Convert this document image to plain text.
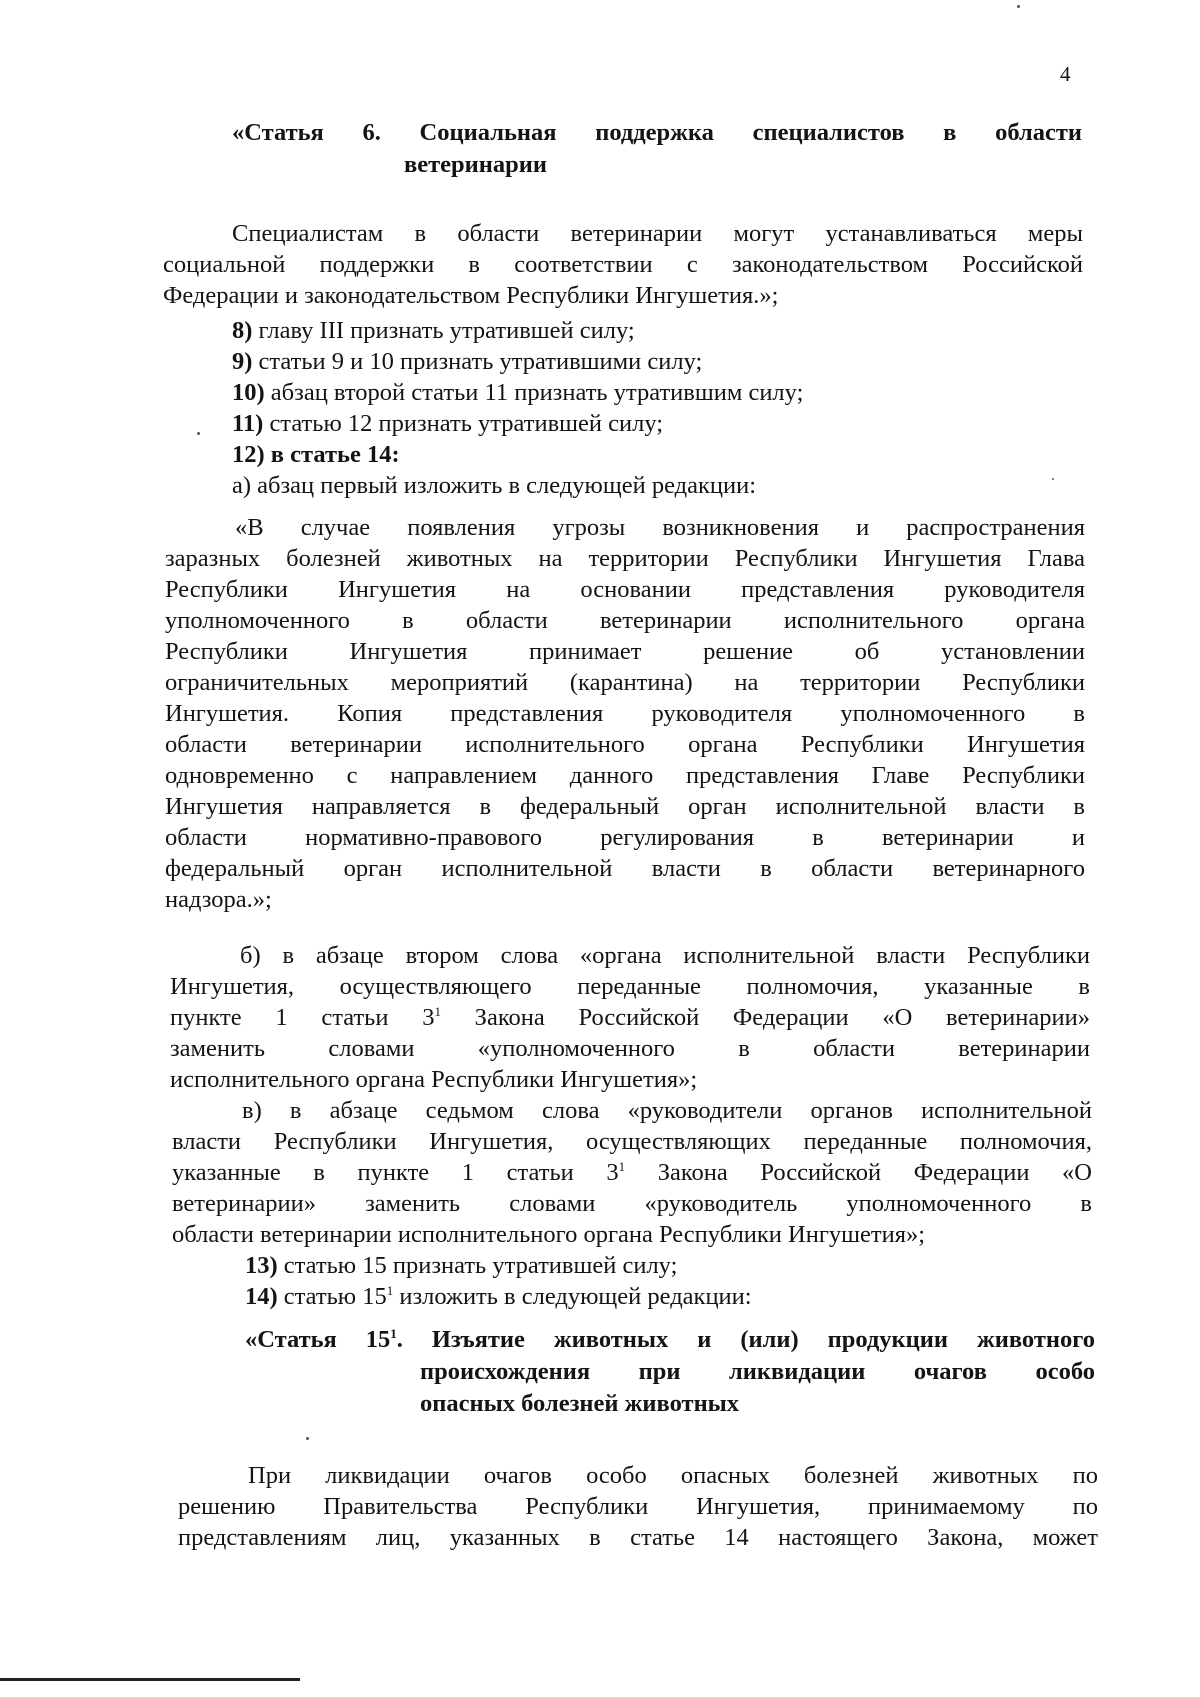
4
«Статья 6. Социальная поддержка специалистов в области
ветеринарии
Специалистам в области ветеринарии могут устанавливаться меры
социальной поддержки в соответствии с законодательством Российской
Федерации и законодательством Республики Ингушетия.»;
8) главу III признать утратившей силу;
9) статьи 9 и 10 признать утратившими силу;
10) абзац второй статьи 11 признать утратившим силу;
11) статью 12 признать утратившей силу;
12) в статье 14:
а) абзац первый изложить в следующей редакции:
«В случае появления угрозы возникновения и распространения
заразных болезней животных на территории Республики Ингушетия Глава
Республики Ингушетия на основании представления руководителя
уполномоченного в области ветеринарии исполнительного органа
Республики Ингушетия принимает решение об установлении
ограничительных мероприятий (карантина) на территории Республики
Ингушетия. Копия представления руководителя уполномоченного в
области ветеринарии исполнительного органа Республики Ингушетия
одновременно с направлением данного представления Главе Республики
Ингушетия направляется в федеральный орган исполнительной власти в
области нормативно-правового регулирования в ветеринарии и
федеральный орган исполнительной власти в области ветеринарного
надзора.»;
б) в абзаце втором слова «органа исполнительной власти Республики
Ингушетия, осуществляющего переданные полномочия, указанные в
пункте 1 статьи $3^1$ Закона Российской Федерации «О ветеринарии»
заменить словами «уполномоченного в области ветеринарии
исполнительного органа Республики Ингушетия»;
в) в абзаце седьмом слова «руководители органов исполнительной
власти Республики Ингушетия, осуществляющих переданные полномочия,
указанные в пункте 1 статьи $3^1$ Закона Российской Федерации «О
ветеринарии» заменить словами «руководитель уполномоченного в
области ветеринарии исполнительного органа Республики Ингушетия»;
13) статью 15 признать утратившей силу;
14) статью $15^1$ изложить в следующей редакции:
«Статья $15^1$. Изъятие животных и (или) продукции животного
происхождения при ликвидации очагов особо
опасных болезней животных
При ликвидации очагов особо опасных болезней животных по
решению Правительства Республики Ингушетия, принимаемому по
представлениям лиц, указанных в статье 14 настоящего Закона, может
